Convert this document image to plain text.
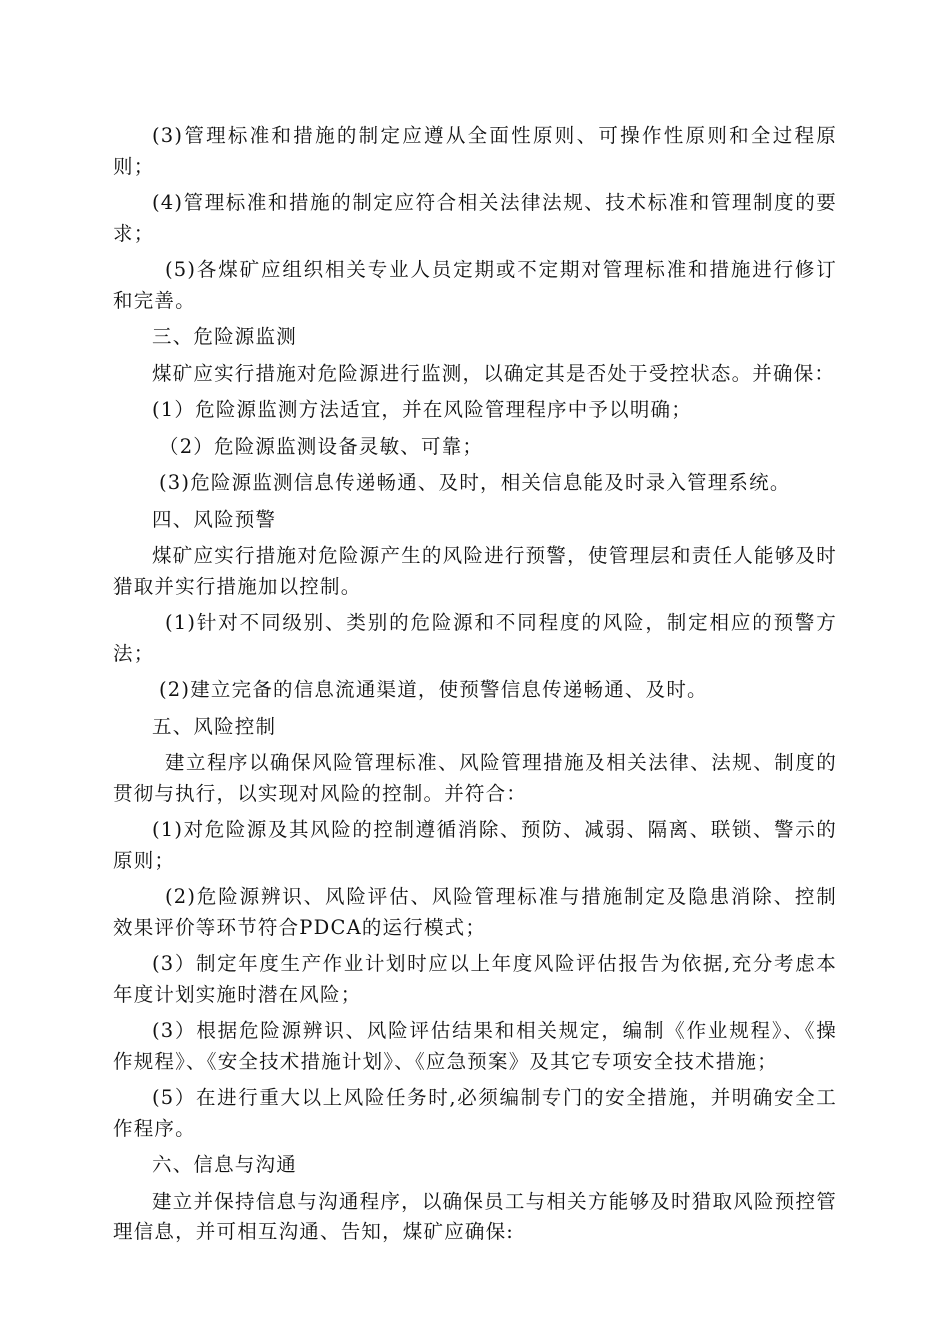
(3)管理标准和措施的制定应遵从全面性原则、可操作性原则和全过程原则；

(4)管理标准和措施的制定应符合相关法律法规、技术标准和管理制度的要求；

(5)各煤矿应组织相关专业人员定期或不定期对管理标准和措施进行修订和完善。

三、危险源监测

煤矿应实行措施对危险源进行监测，以确定其是否处于受控状态。并确保：

(1）危险源监测方法适宜，并在风险管理程序中予以明确；

（2）危险源监测设备灵敏、可靠；

(3)危险源监测信息传递畅通、及时，相关信息能及时录入管理系统。

四、风险预警

煤矿应实行措施对危险源产生的风险进行预警，使管理层和责任人能够及时猎取并实行措施加以控制。

(1)针对不同级别、类别的危险源和不同程度的风险，制定相应的预警方法；

(2)建立完备的信息流通渠道，使预警信息传递畅通、及时。

五、风险控制

建立程序以确保风险管理标准、风险管理措施及相关法律、法规、制度的贯彻与执行，以实现对风险的控制。并符合：

(1)对危险源及其风险的控制遵循消除、预防、减弱、隔离、联锁、警示的原则；

(2)危险源辨识、风险评估、风险管理标准与措施制定及隐患消除、控制效果评价等环节符合PDCA的运行模式；

(3）制定年度生产作业计划时应以上年度风险评估报告为依据,充分考虑本年度计划实施时潜在风险；

(3）根据危险源辨识、风险评估结果和相关规定，编制《作业规程》、《操作规程》、《安全技术措施计划》、《应急预案》及其它专项安全技术措施；

(5）在进行重大以上风险任务时,必须编制专门的安全措施，并明确安全工作程序。

六、信息与沟通

建立并保持信息与沟通程序，以确保员工与相关方能够及时猎取风险预控管理信息，并可相互沟通、告知，煤矿应确保:
